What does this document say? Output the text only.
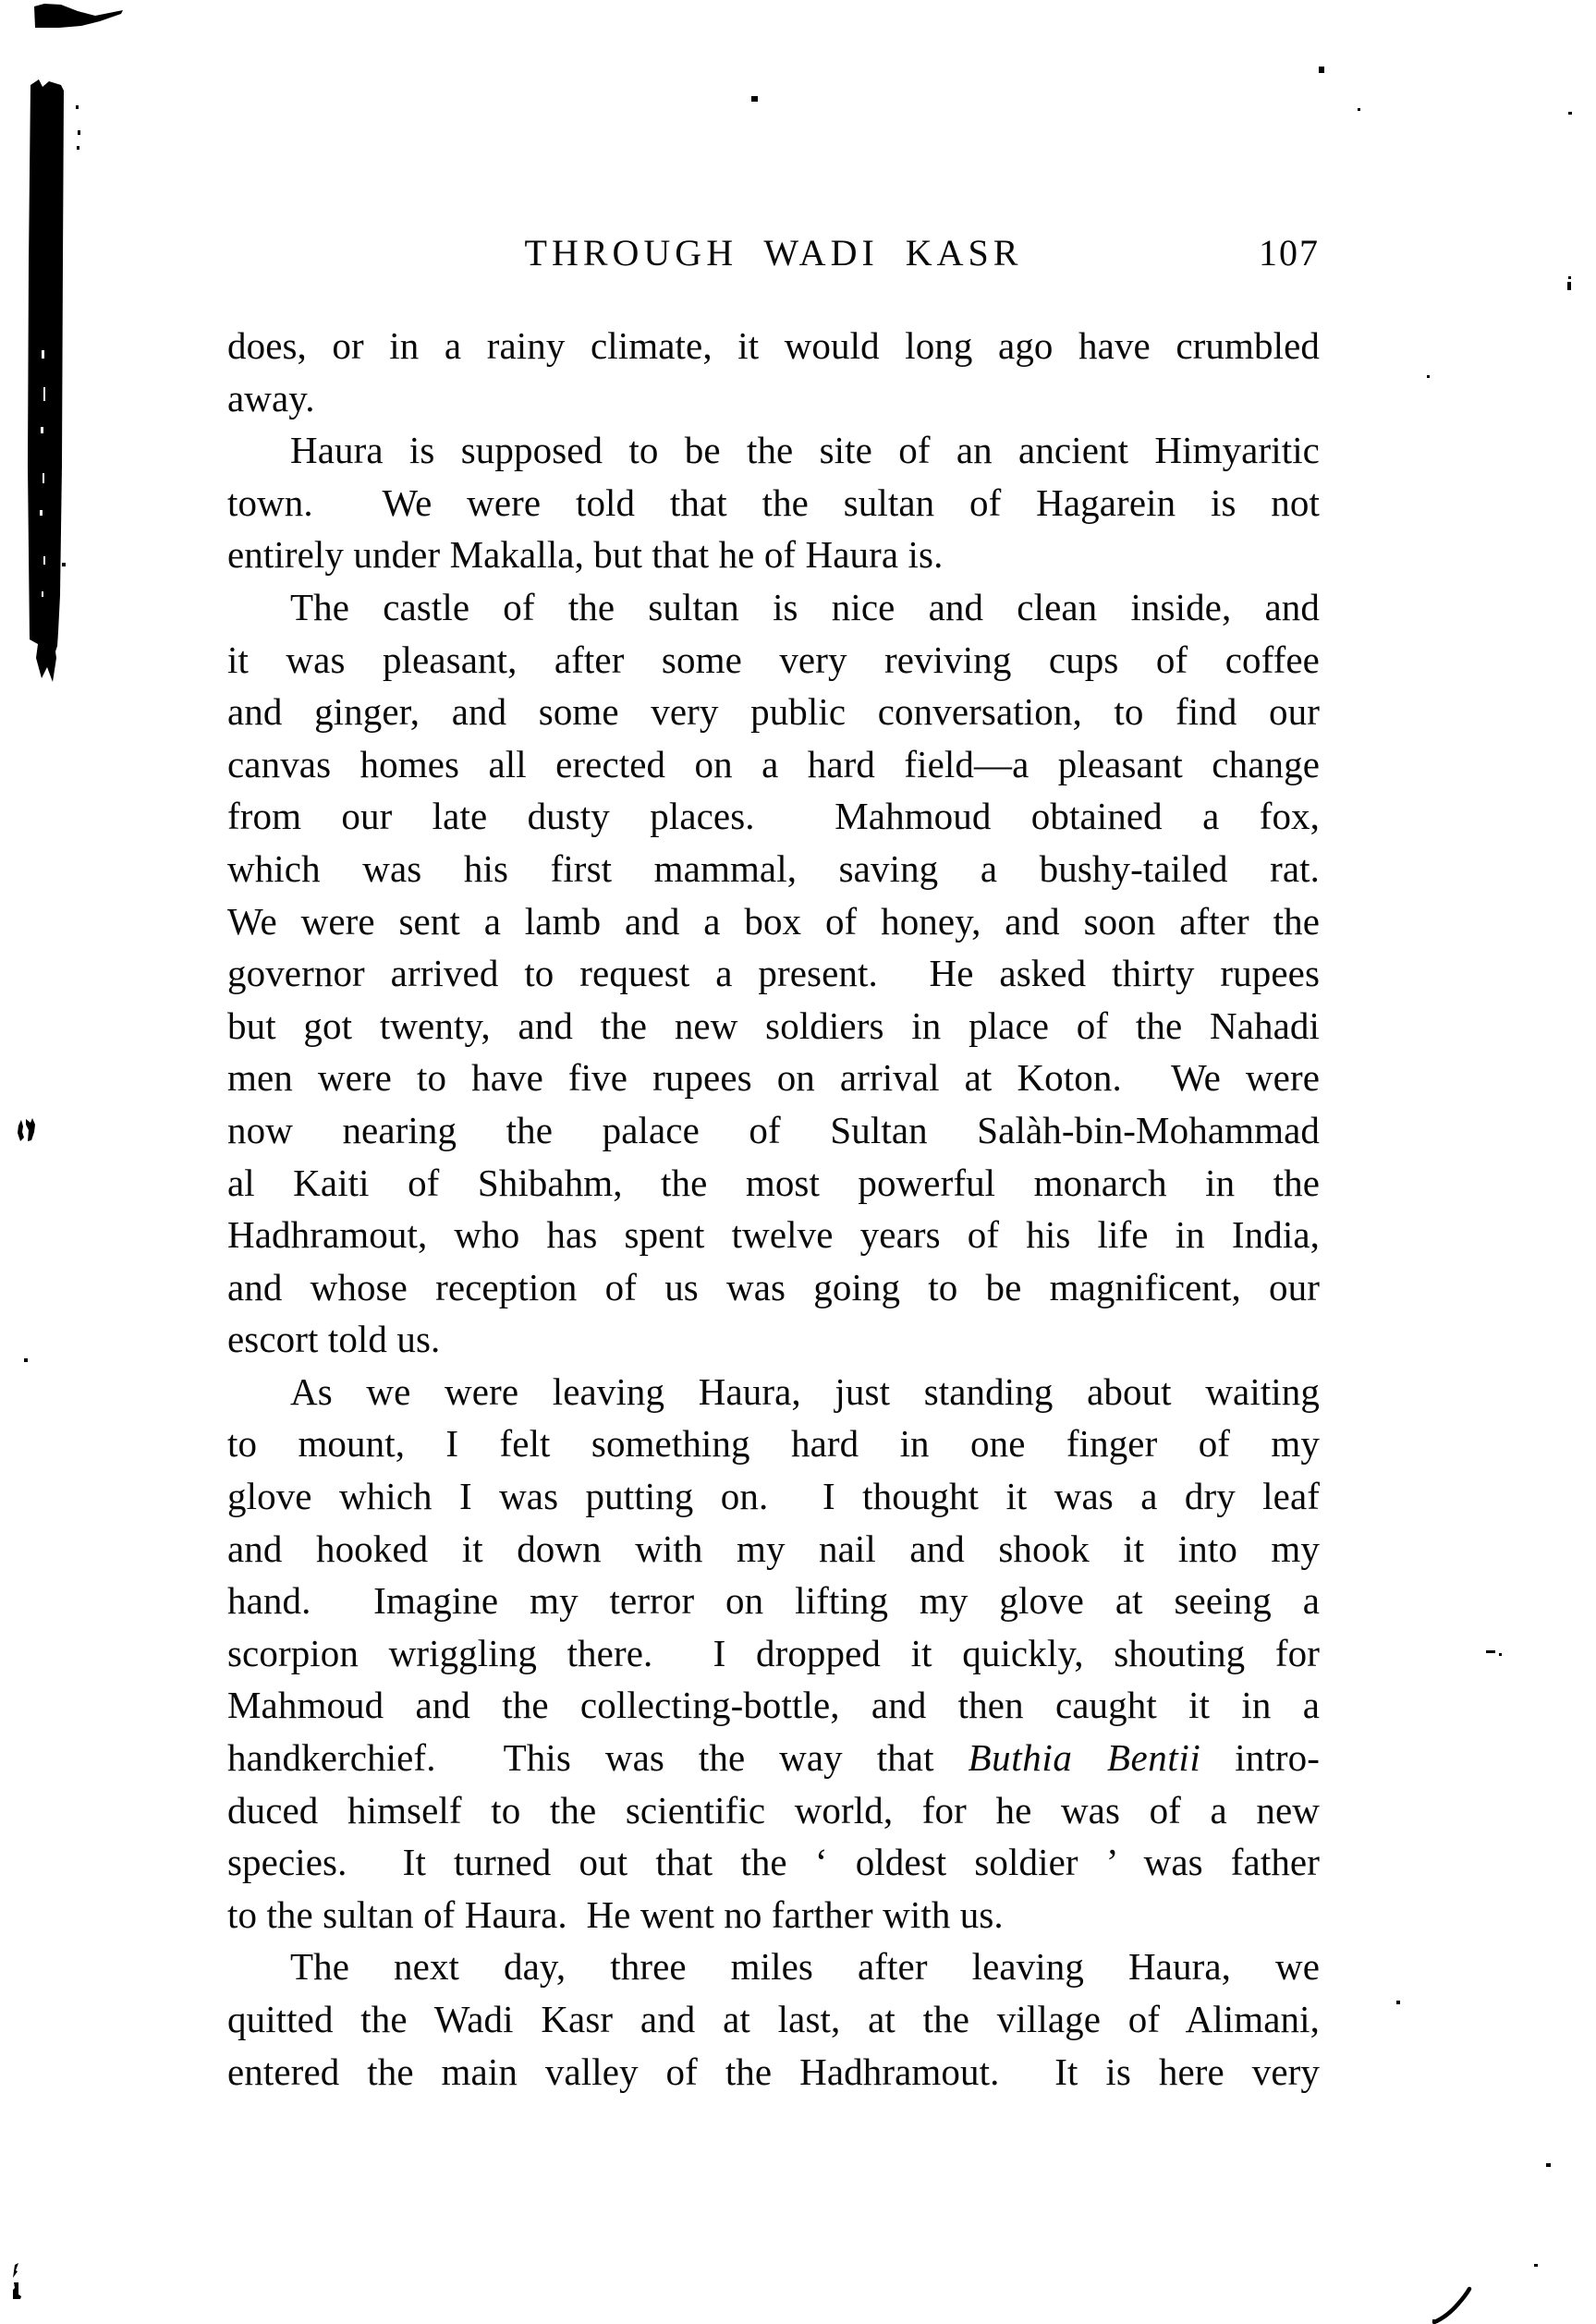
THROUGH WADI KASR	107
does, or in a rainy climate, it would long ago have crumbled
away.
Haura is supposed to be the site of an ancient Himyaritic
town.  We were told that the sultan of Hagarein is not
entirely under Makalla, but that he of Haura is.
The castle of the sultan is nice and clean inside, and
it was pleasant, after some very reviving cups of coffee
and ginger, and some very public conversation, to find our
canvas homes all erected on a hard field—a pleasant change
from our late dusty places.  Mahmoud obtained a fox,
which was his first mammal, saving a bushy-tailed rat.
We were sent a lamb and a box of honey, and soon after the
governor arrived to request a present.  He asked thirty rupees
but got twenty, and the new soldiers in place of the Nahadi
men were to have five rupees on arrival at Koton.  We were
now nearing the palace of Sultan Salàh-bin-Mohammad
al Kaiti of Shibahm, the most powerful monarch in the
Hadhramout, who has spent twelve years of his life in India,
and whose reception of us was going to be magnificent, our
escort told us.
As we were leaving Haura, just standing about waiting
to mount, I felt something hard in one finger of my
glove which I was putting on.  I thought it was a dry leaf
and hooked it down with my nail and shook it into my
hand.  Imagine my terror on lifting my glove at seeing a
scorpion wriggling there.  I dropped it quickly, shouting for
Mahmoud and the collecting-bottle, and then caught it in a
handkerchief.  This was the way that Buthia Bentii intro-
duced himself to the scientific world, for he was of a new
species.  It turned out that the ‘ oldest soldier ’ was father
to the sultan of Haura.  He went no farther with us.
The next day, three miles after leaving Haura, we
quitted the Wadi Kasr and at last, at the village of Alimani,
entered the main valley of the Hadhramout.  It is here very
